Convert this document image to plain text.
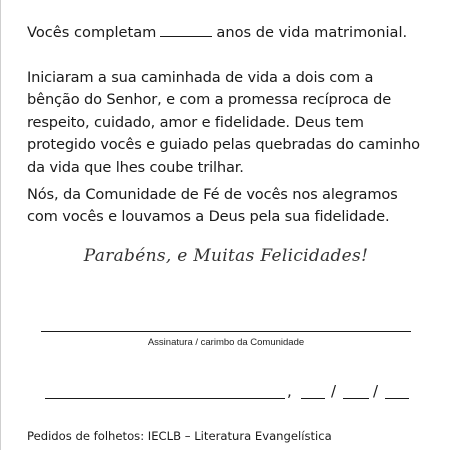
Vocês completam	anos de vida matrimonial.

Iniciaram a sua caminhada de vida a dois com a bênção do Senhor, e com a promessa recíproca de respeito, cuidado, amor e fidelidade. Deus tem protegido vocês e guiado pelas quebradas do caminho da vida que lhes coube trilhar.

Nós, da Comunidade de Fé de vocês nos alegramos com vocês e louvamos a Deus pela sua fidelidade.

Parabéns, e Muitas Felicidades!
Assinatura / carimbo da Comunidade
,	/ /
Pedidos de folhetos: IECLB – Literatura Evangelística
